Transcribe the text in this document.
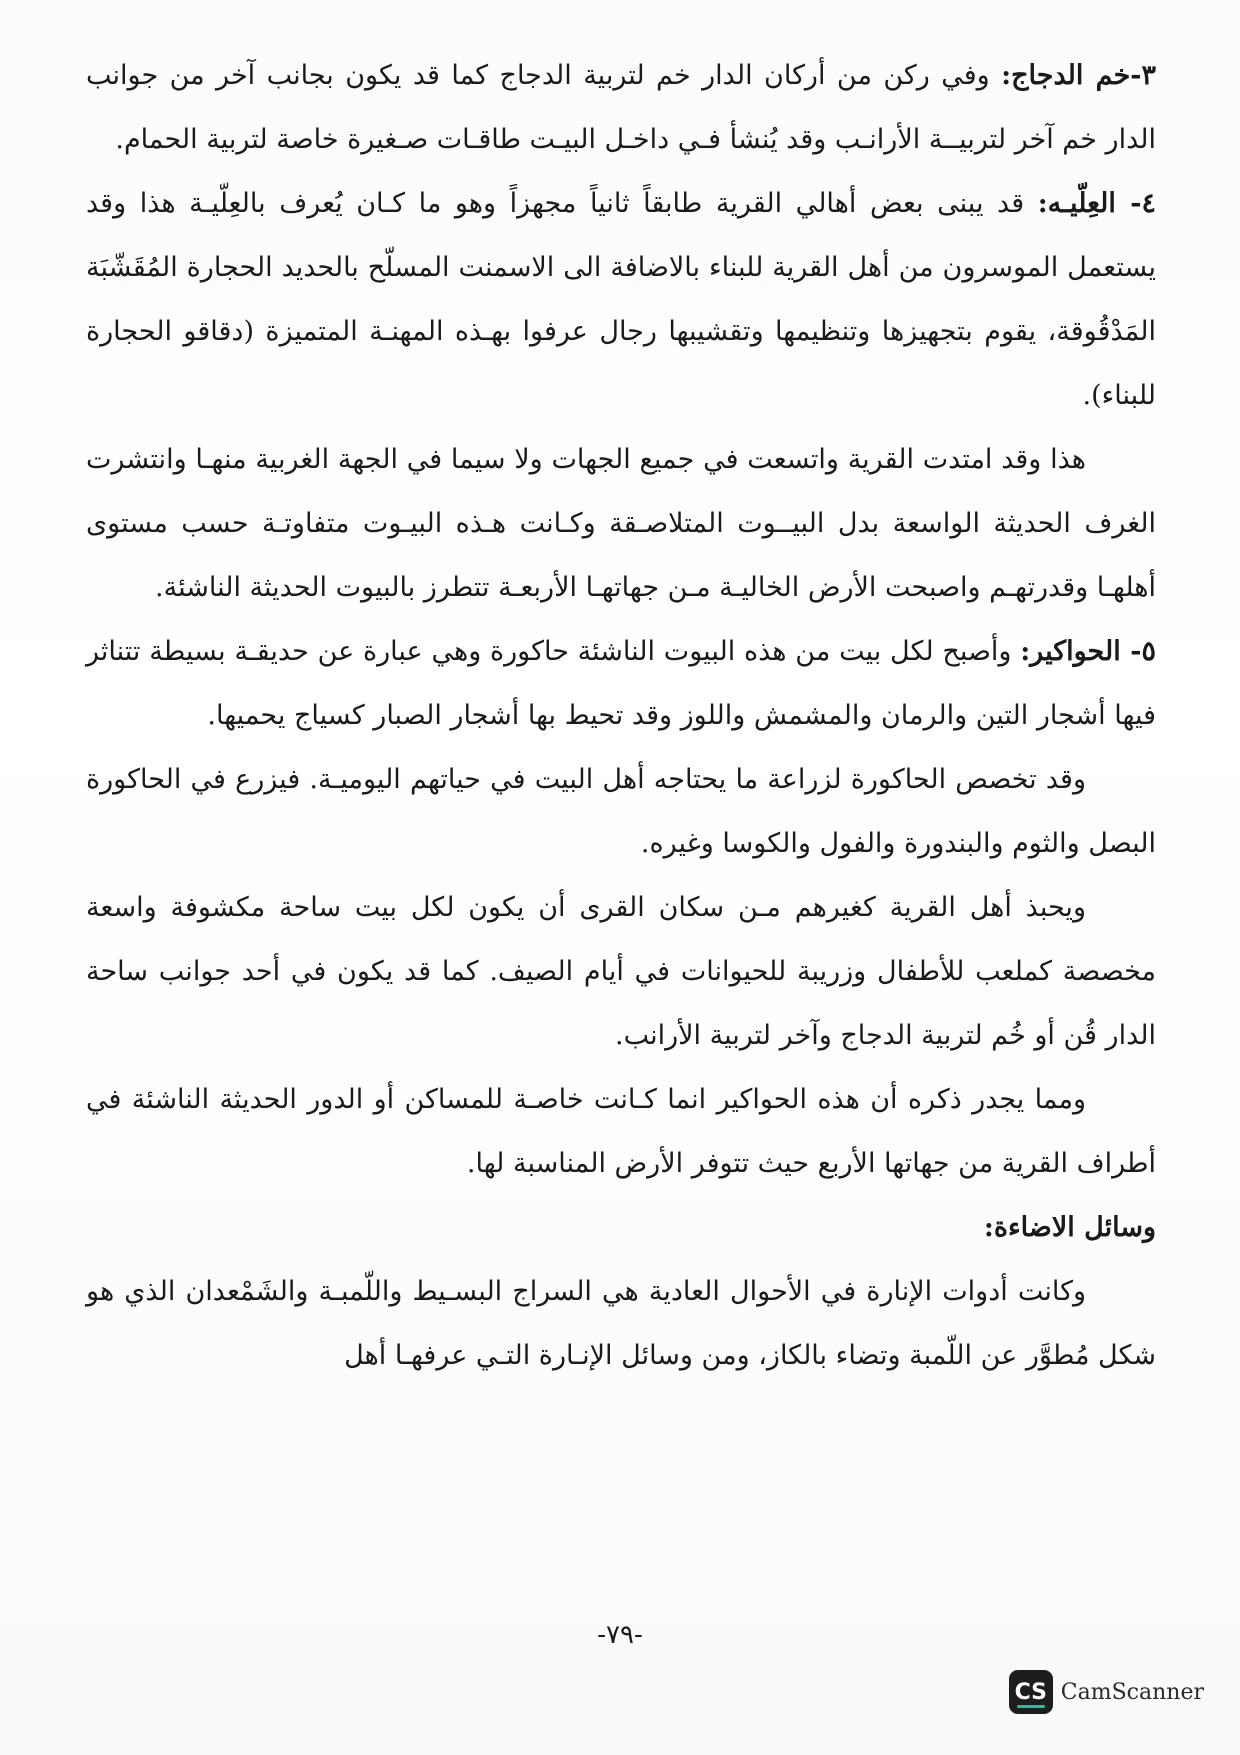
٣-خم الدجاج: وفي ركن من أركان الدار خم لتربية الدجاج كما قد يكون بجانب آخر من جوانب الدار خم آخر لتربيــة الأرانـب وقد يُنشأ فـي داخـل البيـت طاقـات صـغيرة خاصة لتربية الحمام.

٤- العِلّيـه: قد يبنى بعض أهالي القرية طابقاً ثانياً مجهزاً وهو ما كـان يُعرف بالعِلّيـة هذا وقد يستعمل الموسرون من أهل القرية للبناء بالاضافة الى الاسمنت المسلّح بالحديد الحجارة المُقَشّبَة المَدْقُوقة، يقوم بتجهيزها وتنظيمها وتقشيبها رجال عرفوا بهـذه المهنـة المتميزة (دقاقو الحجارة للبناء).

هذا وقد امتدت القرية واتسعت في جميع الجهات ولا سيما في الجهة الغربية منهـا وانتشرت الغرف الحديثة الواسعة بدل البيــوت المتلاصـقة وكـانت هـذه البيـوت متفاوتـة حسب مستوى أهلهـا وقدرتهـم واصبحت الأرض الخاليـة مـن جهاتهـا الأربعـة تتطرز بالبيوت الحديثة الناشئة.

٥- الحواكير: وأصبح لكل بيت من هذه البيوت الناشئة حاكورة وهي عبارة عن حديقـة بسيطة تتناثر فيها أشجار التين والرمان والمشمش واللوز وقد تحيط بها أشجار الصبار كسياج يحميها.

وقد تخصص الحاكورة لزراعة ما يحتاجه أهل البيت في حياتهم اليوميـة. فيزرع في الحاكورة البصل والثوم والبندورة والفول والكوسا وغيره.

ويحبذ أهل القرية كغيرهم مـن سكان القرى أن يكون لكل بيت ساحة مكشوفة واسعة مخصصة كملعب للأطفال وزريبة للحيوانات في أيام الصيف. كما قد يكون في أحد جوانب ساحة الدار قُن أو خُم لتربية الدجاج وآخر لتربية الأرانب.

ومما يجدر ذكره أن هذه الحواكير انما كـانت خاصـة للمساكن أو الدور الحديثة الناشئة في أطراف القرية من جهاتها الأربع حيث تتوفر الأرض المناسبة لها.

وسائل الاضاءة:

وكانت أدوات الإنارة في الأحوال العادية هي السراج البسـيط واللّمبـة والشَمْعدان الذي هو شكل مُطوَّر عن اللّمبة وتضاء بالكاز، ومن وسائل الإنـارة التـي عرفهـا أهل

-٧٩-
CS CamScanner
